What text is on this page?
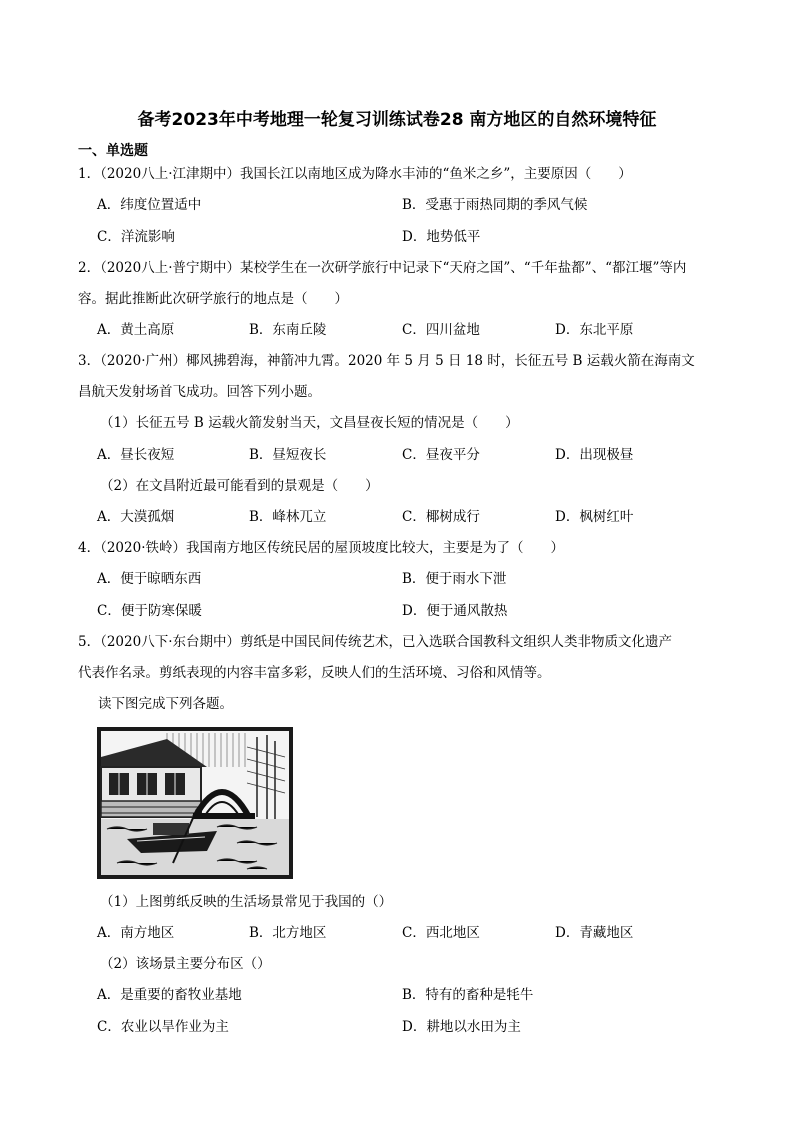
备考2023年中考地理一轮复习训练试卷28 南方地区的自然环境特征
一、单选题
1．（2020八上·江津期中）我国长江以南地区成为降水丰沛的“鱼米之乡”，主要原因（　　）
A．纬度位置适中	B．受惠于雨热同期的季风气候
C．洋流影响	D．地势低平
2．（2020八上·普宁期中）某校学生在一次研学旅行中记录下“天府之国”、“千年盐都”、“都江堰”等内
容。据此推断此次研学旅行的地点是（　　）
A．黄土高原	B．东南丘陵	C．四川盆地	D．东北平原
3．（2020·广州）椰风拂碧海，神箭冲九霄。2020 年 5 月 5 日 18 时，长征五号 B 运载火箭在海南文
昌航天发射场首飞成功。回答下列小题。
（1）长征五号 B 运载火箭发射当天，文昌昼夜长短的情况是（　　）
A．昼长夜短	B．昼短夜长	C．昼夜平分	D．出现极昼
（2）在文昌附近最可能看到的景观是（　　）
A．大漠孤烟	B．峰林兀立	C．椰树成行	D．枫树红叶
4．（2020·铁岭）我国南方地区传统民居的屋顶坡度比较大，主要是为了（　　）
A．便于晾晒东西	B．便于雨水下泄
C．便于防寒保暖	D．便于通风散热
5．（2020八下·东台期中）剪纸是中国民间传统艺术，已入选联合国教科文组织人类非物质文化遗产
代表作名录。剪纸表现的内容丰富多彩，反映人们的生活环境、习俗和风情等。
读下图完成下列各题。
（1）上图剪纸反映的生活场景常见于我国的（）
A．南方地区	B．北方地区	C．西北地区	D．青藏地区
（2）该场景主要分布区（）
A．是重要的畜牧业基地	B．特有的畜种是牦牛
C．农业以旱作业为主	D．耕地以水田为主
